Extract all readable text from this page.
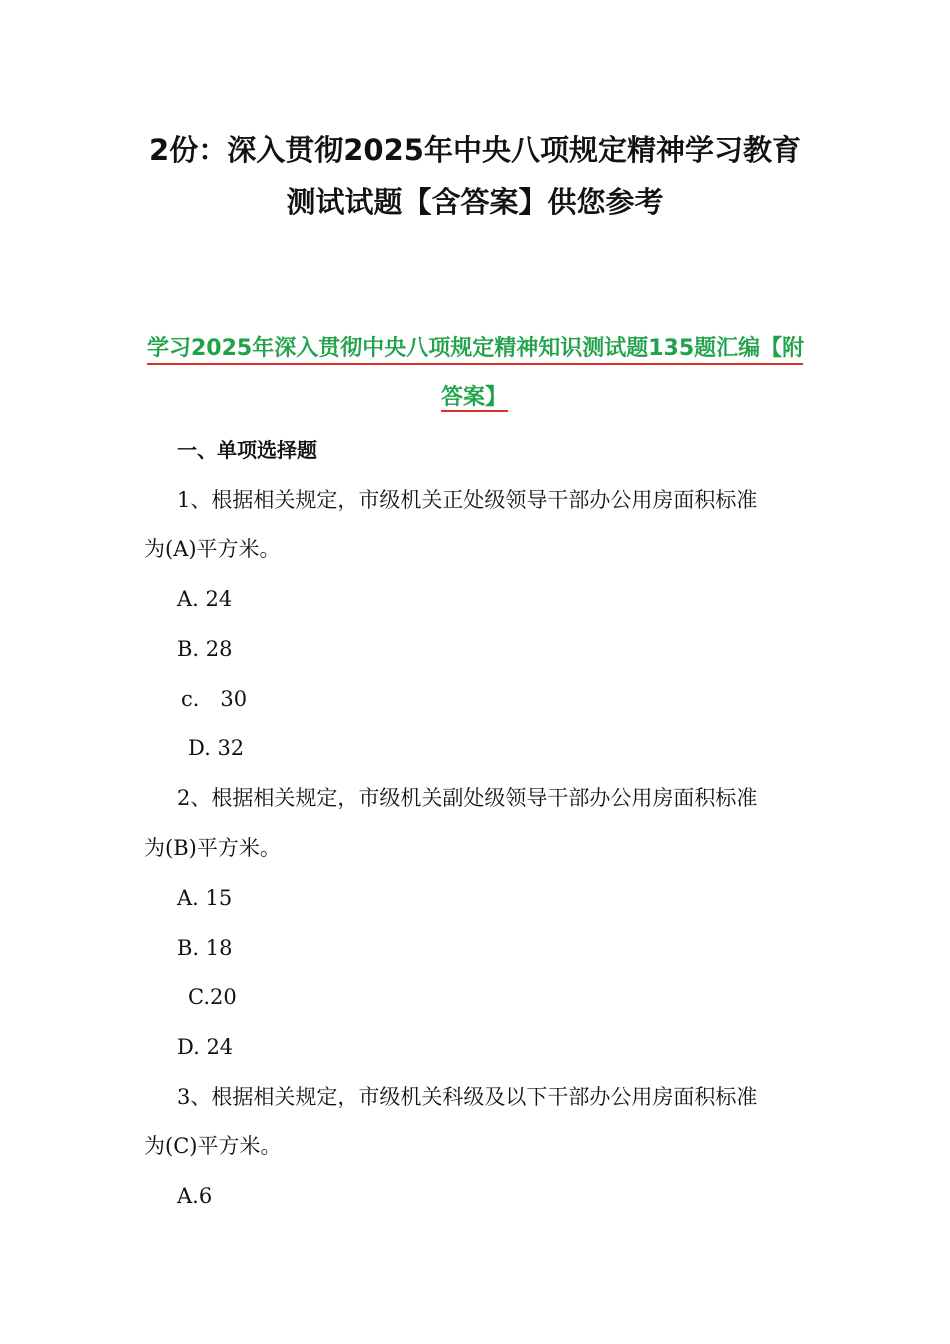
2份：深入贯彻2025年中央八项规定精神学习教育
测试试题【含答案】供您参考
学习2025年深入贯彻中央八项规定精神知识测试题135题汇编【附
答案】
一、单项选择题
1、根据相关规定，市级机关正处级领导干部办公用房面积标准
为(A)平方米。
A. 24
B. 28
c． 30
D. 32
2、根据相关规定，市级机关副处级领导干部办公用房面积标准
为(B)平方米。
A. 15
B. 18
C.20
D. 24
3、根据相关规定，市级机关科级及以下干部办公用房面积标准
为(C)平方米。
A.6
